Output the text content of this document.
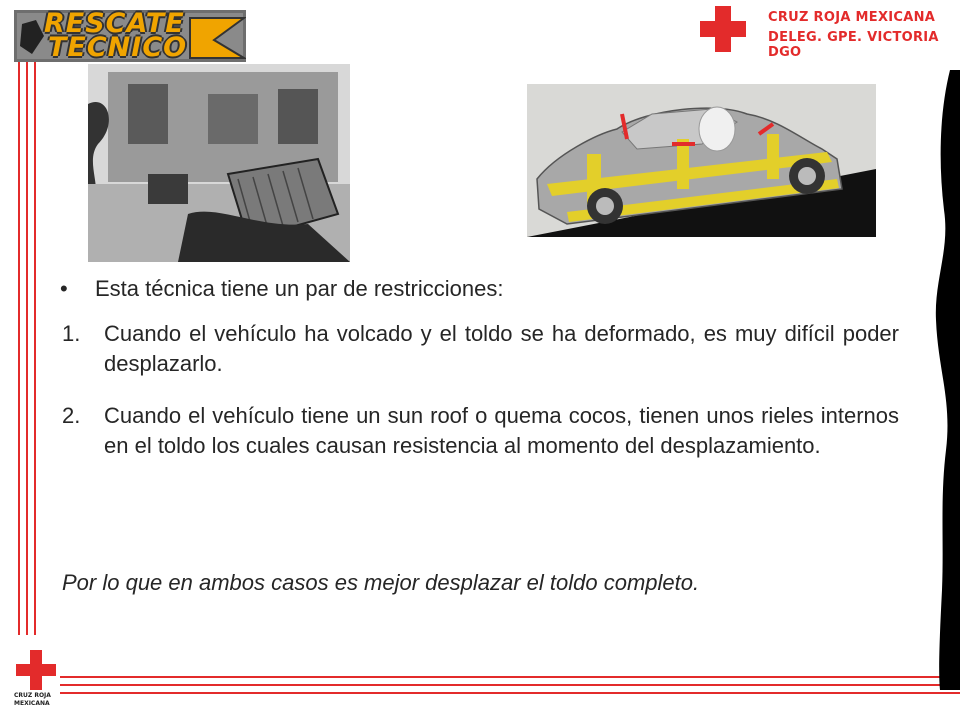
RESCATE
TECNICO
CRUZ ROJA MEXICANA
DELEG. GPE. VICTORIA DGO
• Esta técnica tiene un par de restricciones:
1. Cuando el vehículo ha volcado y el toldo se ha deformado, es muy difícil poder desplazarlo.
2. Cuando el vehículo tiene un sun roof o quema cocos, tienen unos rieles internos en el toldo los cuales causan resistencia al momento del desplazamiento.
Por lo que en ambos casos es mejor desplazar el toldo completo.
CRUZ ROJA
MEXICANA
